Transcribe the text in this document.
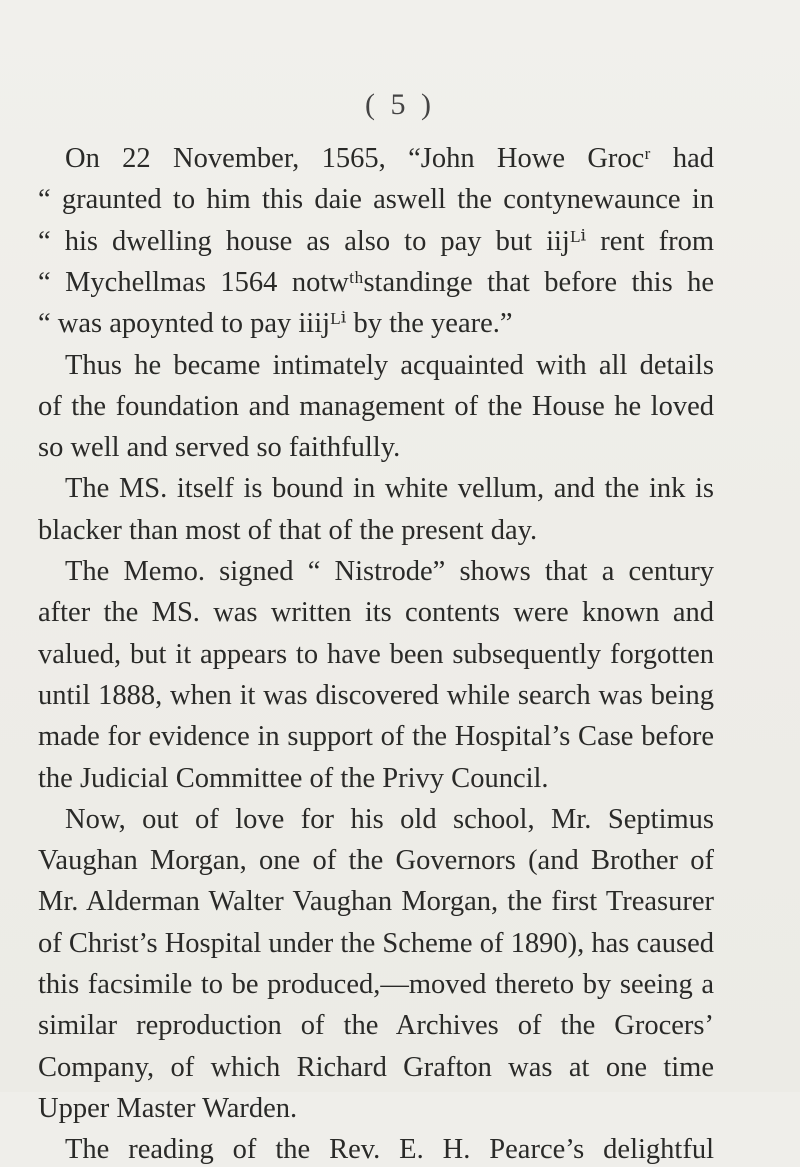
( 5 )
On 22 November, 1565, “John Howe Grocʳ had
“ graunted to him this daie aswell the contynewaunce in
“ his dwelling house as also to pay but iijᴸⁱ rent from
“ Mychellmas 1564 notwᵗʰstandinge that before this he
“ was apoynted to pay iiijᴸⁱ by the yeare.”
Thus he became intimately acquainted with all details
of the foundation and management of the House he loved
so well and served so faithfully.
The MS. itself is bound in white vellum, and the ink is
blacker than most of that of the present day.
The Memo. signed “ Nistrode” shows that a century
after the MS. was written its contents were known and
valued, but it appears to have been subsequently forgotten
until 1888, when it was discovered while search was being
made for evidence in support of the Hospital’s Case before
the Judicial Committee of the Privy Council.
Now, out of love for his old school, Mr. Septimus
Vaughan Morgan, one of the Governors (and Brother of
Mr. Alderman Walter Vaughan Morgan, the first Treasurer
of Christ’s Hospital under the Scheme of 1890), has caused
this facsimile to be produced,—moved thereto by seeing a
similar reproduction of the Archives of the Grocers’
Company, of which Richard Grafton was at one time
Upper Master Warden.
The reading of the Rev. E. H. Pearce’s delightful
